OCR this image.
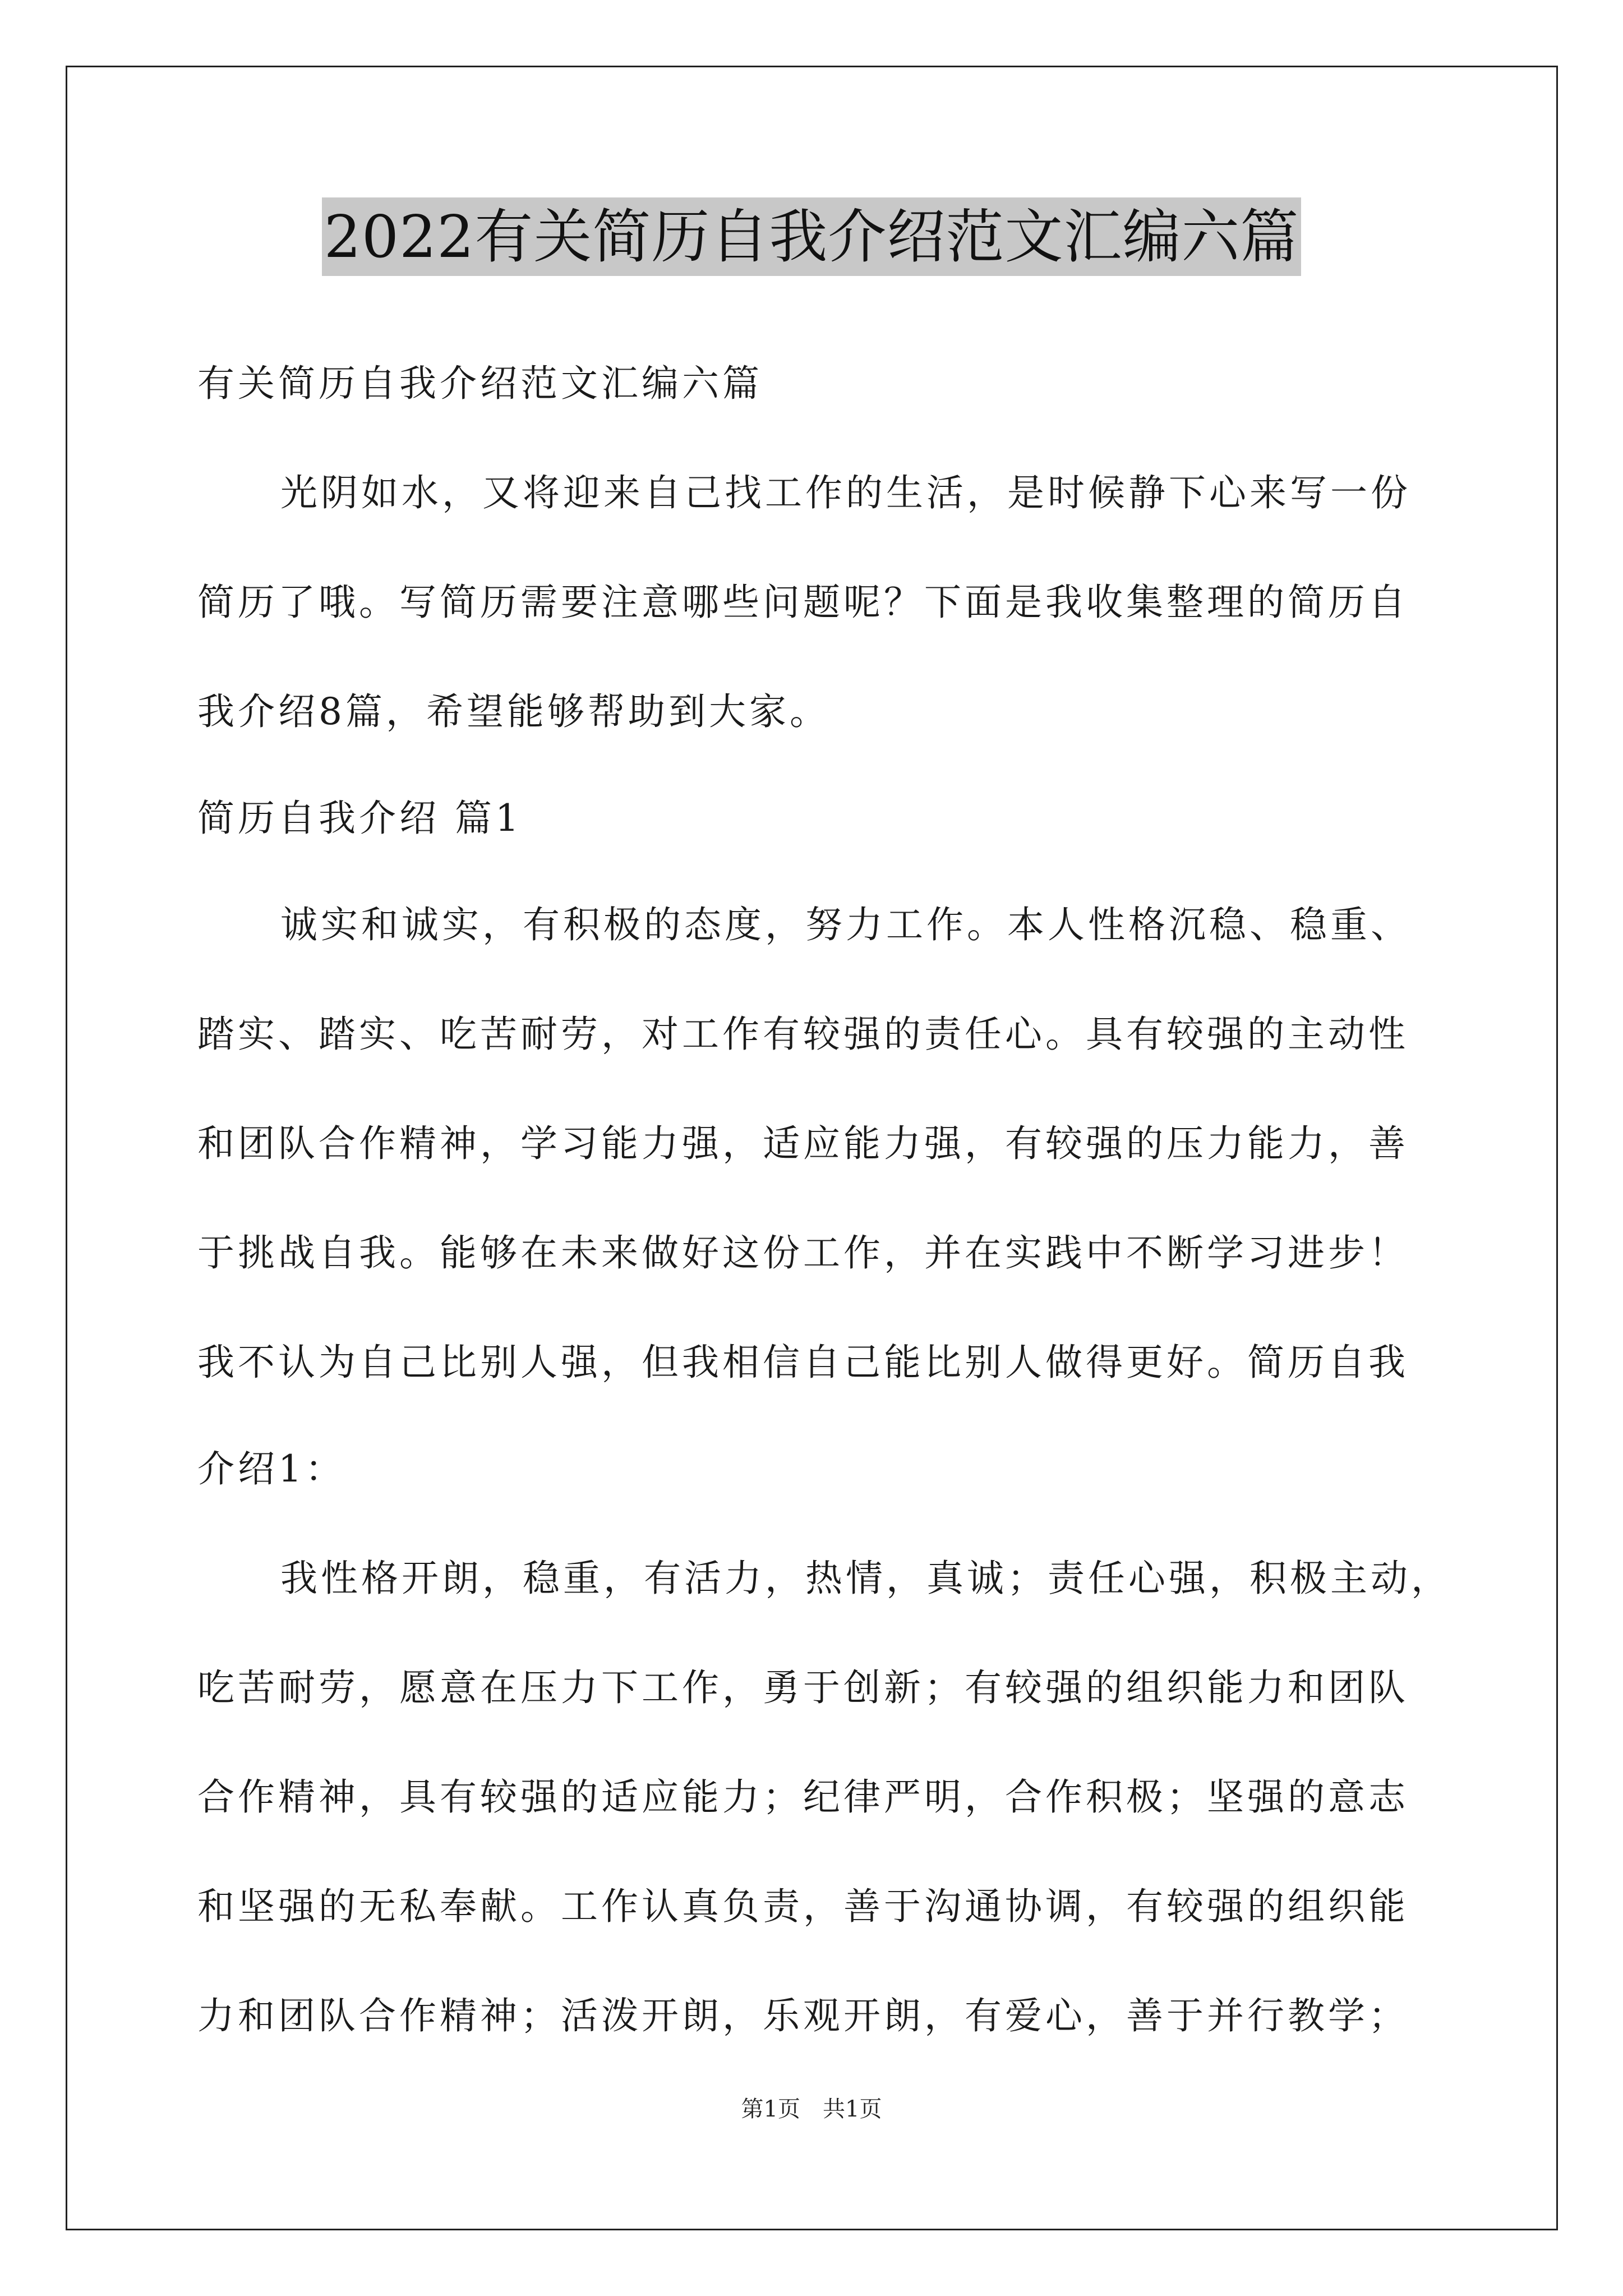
2022有关简历自我介绍范文汇编六篇
有关简历自我介绍范文汇编六篇
光阴如水，又将迎来自己找工作的生活，是时候静下心来写一份
简历了哦。写简历需要注意哪些问题呢？下面是我收集整理的简历自
我介绍8篇，希望能够帮助到大家。
简历自我介绍 篇1
诚实和诚实，有积极的态度，努力工作。本人性格沉稳、稳重、
踏实、踏实、吃苦耐劳，对工作有较强的责任心。具有较强的主动性
和团队合作精神，学习能力强，适应能力强，有较强的压力能力，善
于挑战自我。能够在未来做好这份工作，并在实践中不断学习进步！
我不认为自己比别人强，但我相信自己能比别人做得更好。简历自我
介绍1：
我性格开朗，稳重，有活力，热情，真诚；责任心强，积极主动，
吃苦耐劳，愿意在压力下工作，勇于创新；有较强的组织能力和团队
合作精神，具有较强的适应能力；纪律严明，合作积极；坚强的意志
和坚强的无私奉献。工作认真负责，善于沟通协调，有较强的组织能
力和团队合作精神；活泼开朗，乐观开朗，有爱心，善于并行教学；
第1页　共1页
